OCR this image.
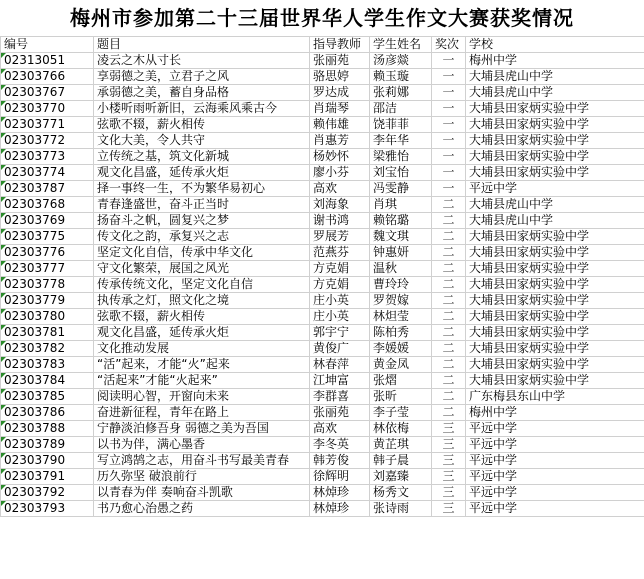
梅州市参加第二十三届世界华人学生作文大赛获奖情况
编号	题目	指导教师	学生姓名	奖次	学校
02313051	凌云之木从寸长	张丽苑	汤彦燚	一	梅州中学
02303766	享弱德之美，立君子之风	骆思婷	赖玉璇	一	大埔县虎山中学
02303767	承弱德之美，蓄自身品格	罗达成	张莉娜	一	大埔县虎山中学
02303770	小楼听雨听新旧，云海乘风乘古今	肖瑞琴	邵洁	一	大埔县田家炳实验中学
02303771	弦歌不辍，薪火相传	赖伟雄	饶菲菲	一	大埔县田家炳实验中学
02303772	文化大美，令人共守	肖惠芳	李年华	一	大埔县田家炳实验中学
02303773	立传统之基，筑文化新城	杨妙怀	梁雅怡	一	大埔县田家炳实验中学
02303774	观文化昌盛，延传承火炬	廖小芬	刘宝怡	一	大埔县田家炳实验中学
02303787	择一事终一生，不为繁华易初心	高欢	冯雯静	一	平远中学
02303768	青春逢盛世，奋斗正当时	刘海象	肖琪	二	大埔县虎山中学
02303769	扬奋斗之帆，圆复兴之梦	谢书鸿	赖铭璐	二	大埔县虎山中学
02303775	传文化之韵，承复兴之志	罗展芳	魏文琪	二	大埔县田家炳实验中学
02303776	坚定文化自信，传承中华文化	范燕芬	钟惠妍	二	大埔县田家炳实验中学
02303777	守文化繁荣，展国之风光	方克娟	温秋	二	大埔县田家炳实验中学
02303778	传承传统文化，坚定文化自信	方克娟	曹玲玲	二	大埔县田家炳实验中学
02303779	执传承之灯，照文化之境	庄小英	罗贺嫁	二	大埔县田家炳实验中学
02303780	弦歌不辍，薪火相传	庄小英	林炟莹	二	大埔县田家炳实验中学
02303781	观文化昌盛，延传承火炬	郭宇宁	陈柏秀	二	大埔县田家炳实验中学
02303782	文化推动发展	黄俊广	李媛媛	二	大埔县田家炳实验中学
02303783	“活”起来，才能“火”起来	林春萍	黄金凤	二	大埔县田家炳实验中学
02303784	“活起来”才能“火起来”	江坤富	张熠	二	大埔县田家炳实验中学
02303785	阅读明心智，开窗向未来	李群喜	张昕	二	广东梅县东山中学
02303786	奋进新征程，青年在路上	张丽苑	李子莹	二	梅州中学
02303788	宁静淡泊修吾身 弱德之美为吾国	高欢	林依梅	三	平远中学
02303789	以书为伴，满心墨香	李冬英	黄芷琪	三	平远中学
02303790	写立鸿鹄之志，用奋斗书写最美青春	韩芳俊	韩子晨	三	平远中学
02303791	历久弥坚 破浪前行	徐辉明	刘嘉臻	三	平远中学
02303792	以青春为伴 奏响奋斗凯歌	林焯珍	杨秀文	三	平远中学
02303793	书乃愈心治愚之药	林焯珍	张诗雨	三	平远中学
